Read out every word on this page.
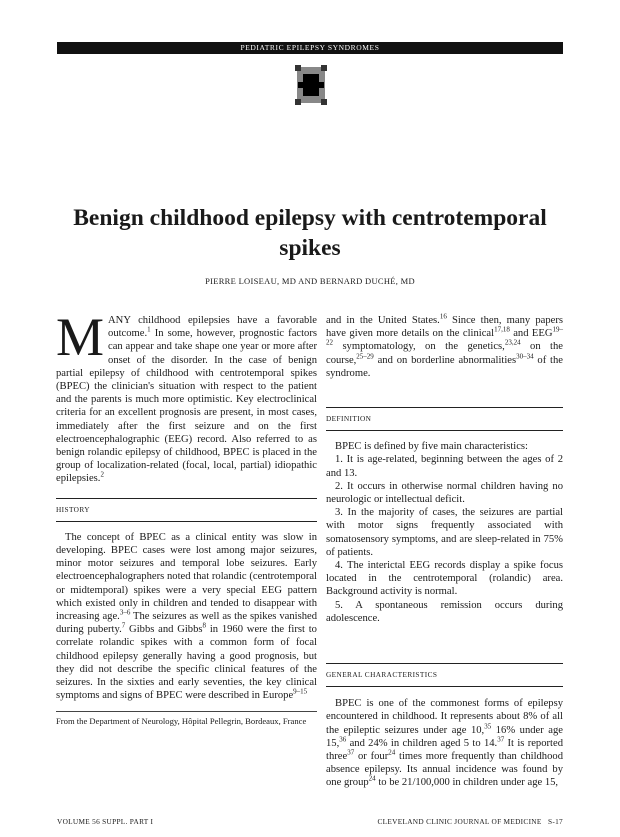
PEDIATRIC EPILEPSY SYNDROMES
Benign childhood epilepsy with centrotemporal spikes
PIERRE LOISEAU, MD AND BERNARD DUCHÉ, MD

MANY childhood epilepsies have a favorable outcome.$^1$ In some, however, prognostic factors can appear and take shape one year or more after onset of the disorder. In the case of benign partial epilepsy of childhood with centrotemporal spikes (BPEC) the clinician's situation with respect to the patient and the parents is much more optimistic. Key electroclinical criteria for an excellent prognosis are present, in most cases, immediately after the first seizure and on the first electroencephalographic (EEG) record. Also referred to as benign rolandic epilepsy of childhood, BPEC is placed in the group of localization-related (focal, local, partial) idiopathic epilepsies.$^2$

HISTORY

The concept of BPEC as a clinical entity was slow in developing. BPEC cases were lost among major seizures, minor motor seizures and temporal lobe seizures. Early electroencephalographers noted that rolandic (centrotemporal or midtemporal) spikes were a very special EEG pattern which existed only in children and tended to disappear with increasing age.$^{3-6}$ The seizures as well as the spikes vanished during puberty.$^7$ Gibbs and Gibbs$^8$ in 1960 were the first to correlate rolandic spikes with a common form of focal childhood epilepsy generally having a good prognosis, but they did not describe the specific clinical features of the seizures. In the sixties and early seventies, the key clinical symptoms and signs of BPEC were described in Europe$^{9-15}$

From the Department of Neurology, Hôpital Pellegrin, Bordeaux, France

and in the United States.$^{16}$ Since then, many papers have given more details on the clinical$^{17,18}$ and EEG$^{19-22}$ symptomatology, on the genetics,$^{23,24}$ on the course,$^{25-29}$ and on borderline abnormalities$^{30-34}$ of the syndrome.

DEFINITION

BPEC is defined by five main characteristics:

1. It is age-related, beginning between the ages of 2 and 13.

2. It occurs in otherwise normal children having no neurologic or intellectual deficit.

3. In the majority of cases, the seizures are partial with motor signs frequently associated with somatosensory symptoms, and are sleep-related in 75% of patients.

4. The interictal EEG records display a spike focus located in the centrotemporal (rolandic) area. Background activity is normal.

5. A spontaneous remission occurs during adolescence.

GENERAL CHARACTERISTICS

BPEC is one of the commonest forms of epilepsy encountered in childhood. It represents about 8% of all the epileptic seizures under age 10,35 16% under age 15,36 and 24% in children aged 5 to 14.37 It is reported three$^{37}$ or four$^{24}$ times more frequently than childhood absence epilepsy. Its annual incidence was found by one group$^{24}$ to be 21/100,000 in children under age 15,

VOLUME 56 SUPPL. PART I	CLEVELAND CLINIC JOURNAL OF MEDICINE   S-17
